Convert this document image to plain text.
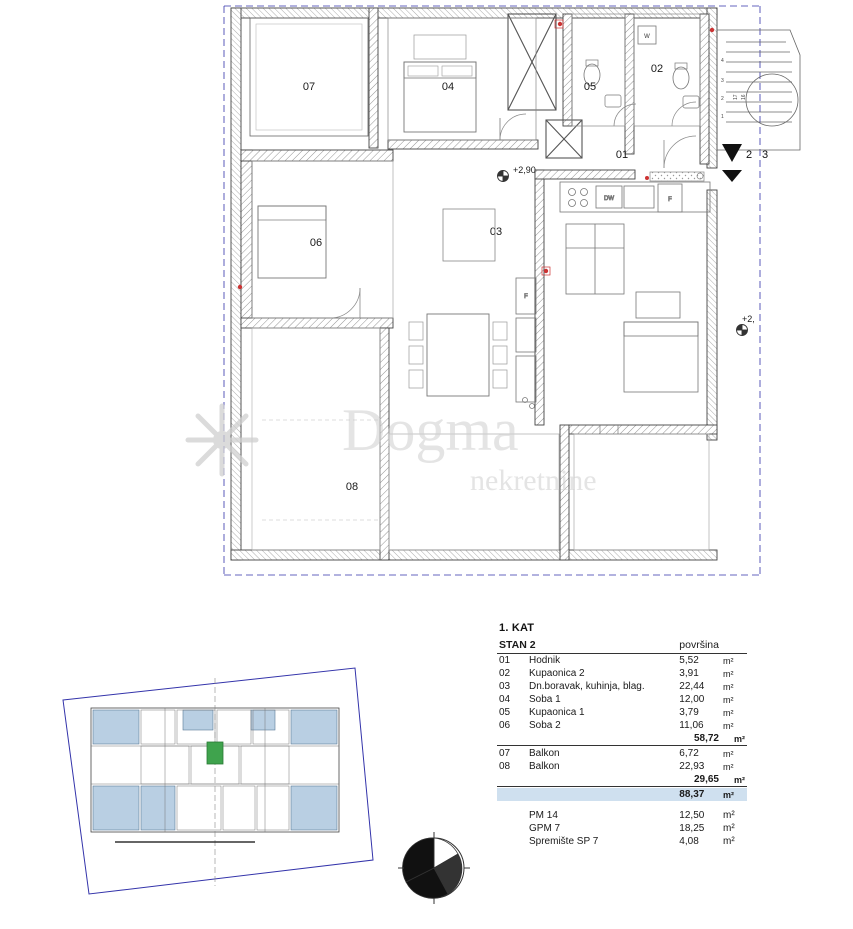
07	04	05
W
02
01
06
03
DW	F
F
08
4
3
2
1
17 16
2 3
+2,90
+2,
Dogma
nekretnine
1. KAT
STAN 2		površina	
01	Hodnik	5,52	m²
02	Kupaonica 2	3,91	m²
03	Dn.boravak, kuhinja, blag.	22,44	m²
04	Soba 1	12,00	m²
05	Kupaonica 1	3,79	m²
06	Soba 2	11,06	m²
		58,72	m²

07	Balkon	6,72	m²
08	Balkon	22,93	m²
		29,65	m²

		88,37	m²

	PM 14	12,50	m²
	GPM 7	18,25	m²
	Spremište SP 7	4,08	m²
